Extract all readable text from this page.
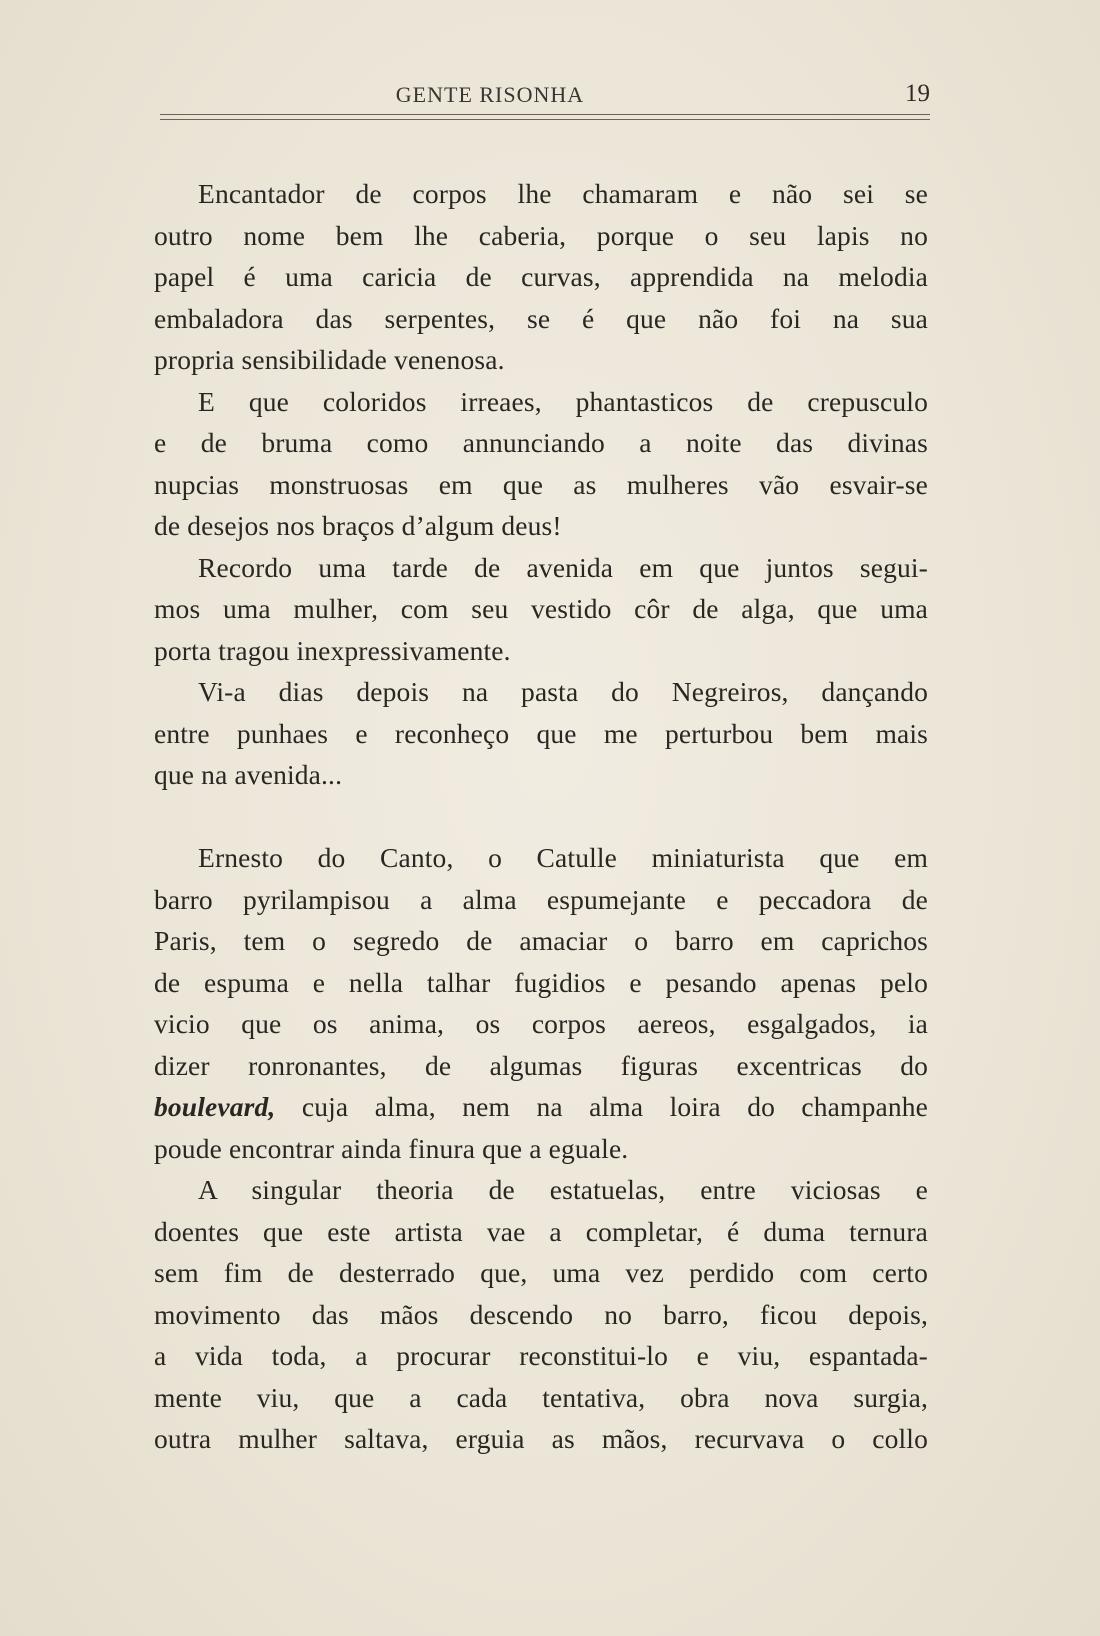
GENTE RISONHA	19
Encantador de corpos lhe chamaram e não sei se
outro nome bem lhe caberia, porque o seu lapis no
papel é uma caricia de curvas, apprendida na melodia
embaladora das serpentes, se é que não foi na sua
propria sensibilidade venenosa.
E que coloridos irreaes, phantasticos de crepusculo
e de bruma como annunciando a noite das divinas
nupcias monstruosas em que as mulheres vão esvair-se
de desejos nos braços d’algum deus!
Recordo uma tarde de avenida em que juntos segui-
mos uma mulher, com seu vestido côr de alga, que uma
porta tragou inexpressivamente.
Vi-a dias depois na pasta do Negreiros, dançando
entre punhaes e reconheço que me perturbou bem mais
que na avenida...
Ernesto do Canto, o Catulle miniaturista que em
barro pyrilampisou a alma espumejante e peccadora de
Paris, tem o segredo de amaciar o barro em caprichos
de espuma e nella talhar fugidios e pesando apenas pelo
vicio que os anima, os corpos aereos, esgalgados, ia
dizer ronronantes, de algumas figuras excentricas do
boulevard, cuja alma, nem na alma loira do champanhe
poude encontrar ainda finura que a eguale.
A singular theoria de estatuelas, entre viciosas e
doentes que este artista vae a completar, é duma ternura
sem fim de desterrado que, uma vez perdido com certo
movimento das mãos descendo no barro, ficou depois,
a vida toda, a procurar reconstitui-lo e viu, espantada-
mente viu, que a cada tentativa, obra nova surgia,
outra mulher saltava, erguia as mãos, recurvava o collo
